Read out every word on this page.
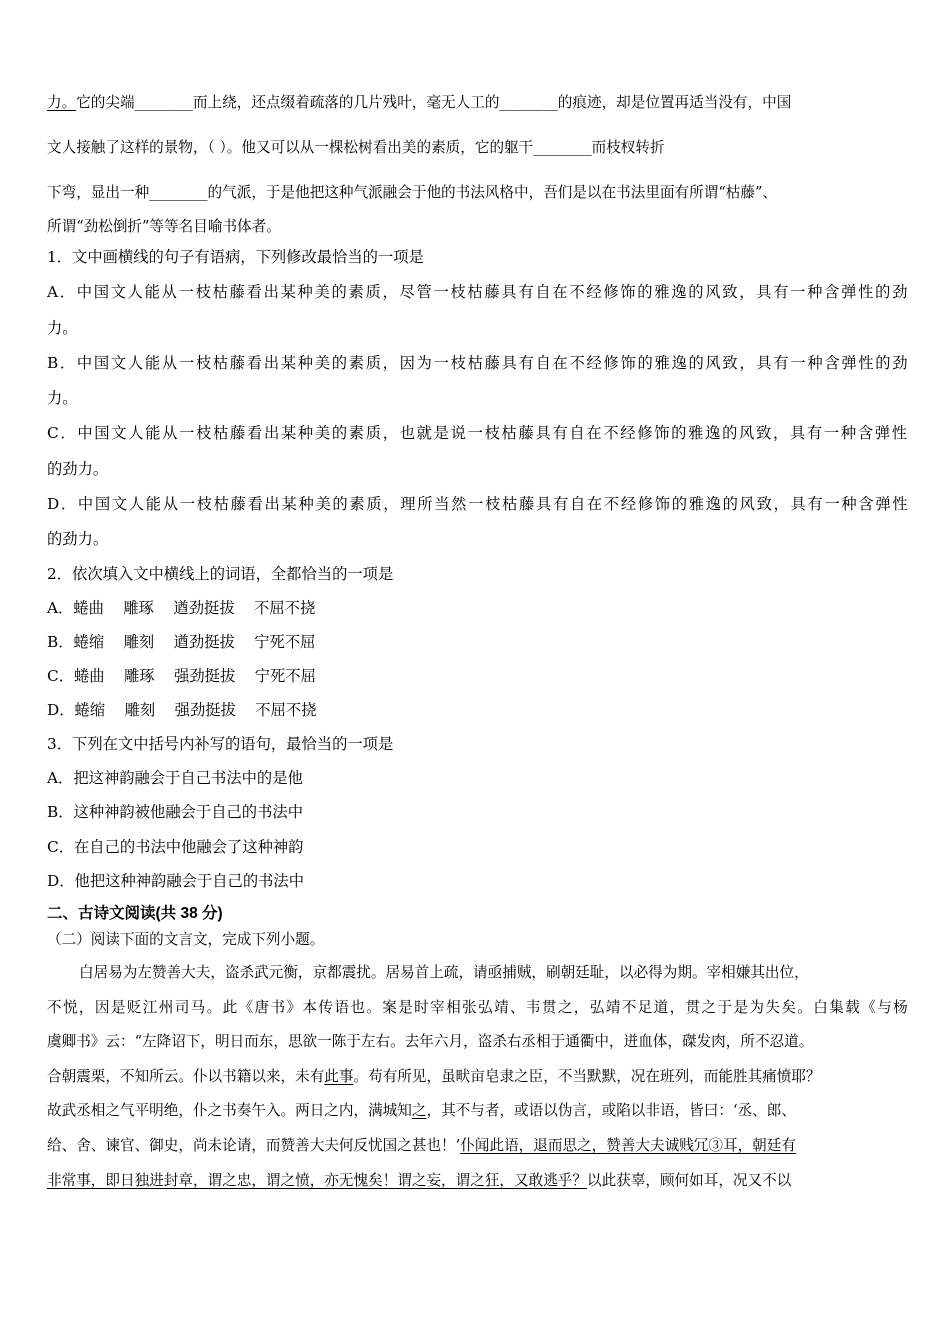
力。它的尖端________而上绕，还点缀着疏落的几片残叶，毫无人工的________的痕迹，却是位置再适当没有，中国
文人接触了这样的景物，（ ）。他又可以从一棵松树看出美的素质，它的躯干________而枝杈转折
下弯，显出一种________的气派，于是他把这种气派融会于他的书法风格中，吾们是以在书法里面有所谓“枯藤”、
所谓“劲松倒折”等等名目喻书体者。
1．文中画横线的句子有语病，下列修改最恰当的一项是
A．中国文人能从一枝枯藤看出某种美的素质，尽管一枝枯藤具有自在不经修饰的雅逸的风致，具有一种含弹性的劲
力。
B．中国文人能从一枝枯藤看出某种美的素质，因为一枝枯藤具有自在不经修饰的雅逸的风致，具有一种含弹性的劲
力。
C．中国文人能从一枝枯藤看出某种美的素质，也就是说一枝枯藤具有自在不经修饰的雅逸的风致，具有一种含弹性
的劲力。
D．中国文人能从一枝枯藤看出某种美的素质，理所当然一枝枯藤具有自在不经修饰的雅逸的风致，具有一种含弹性
的劲力。
2．依次填入文中横线上的词语，全都恰当的一项是
A．蜷曲    雕琢    遒劲挺拔    不屈不挠
B．蜷缩    雕刻    遒劲挺拔    宁死不屈
C．蜷曲    雕琢    强劲挺拔    宁死不屈
D．蜷缩    雕刻    强劲挺拔    不屈不挠
3．下列在文中括号内补写的语句，最恰当的一项是
A．把这神韵融会于自己书法中的是他
B．这种神韵被他融会于自己的书法中
C．在自己的书法中他融会了这种神韵
D．他把这种神韵融会于自己的书法中
二、古诗文阅读(共 38 分)
（二）阅读下面的文言文，完成下列小题。
白居易为左赞善大夫，盗杀武元衡，京都震扰。居易首上疏，请亟捕贼，刷朝廷耻，以必得为期。宰相嫌其出位，
不悦，因是贬江州司马。此《唐书》本传语也。案是时宰相张弘靖、韦贯之，弘靖不足道，贯之于是为失矣。白集载《与杨
虞卿书》云：“左降诏下，明日而东，思欲一陈于左右。去年六月，盗杀右丞相于通衢中，迸血体，磔发肉，所不忍道。
合朝震栗，不知所云。仆以书籍以来，未有此事。苟有所见，虽畎亩皂隶之臣，不当默默，况在班列，而能胜其痛愤耶？
故武丞相之气平明绝，仆之书奏午入。两日之内，满城知之，其不与者，或语以伪言，或陷以非语，皆曰：‘丞、郎、
给、舍、谏官、御史，尚未论请，而赞善大夫何反忧国之甚也！’仆闻此语，退而思之，赞善大夫诚贱冗③耳，朝廷有
非常事，即日独进封章，谓之忠，谓之愤，亦无愧矣！谓之妄，谓之狂，又敢逃乎？以此获辜，顾何如耳，况又不以
